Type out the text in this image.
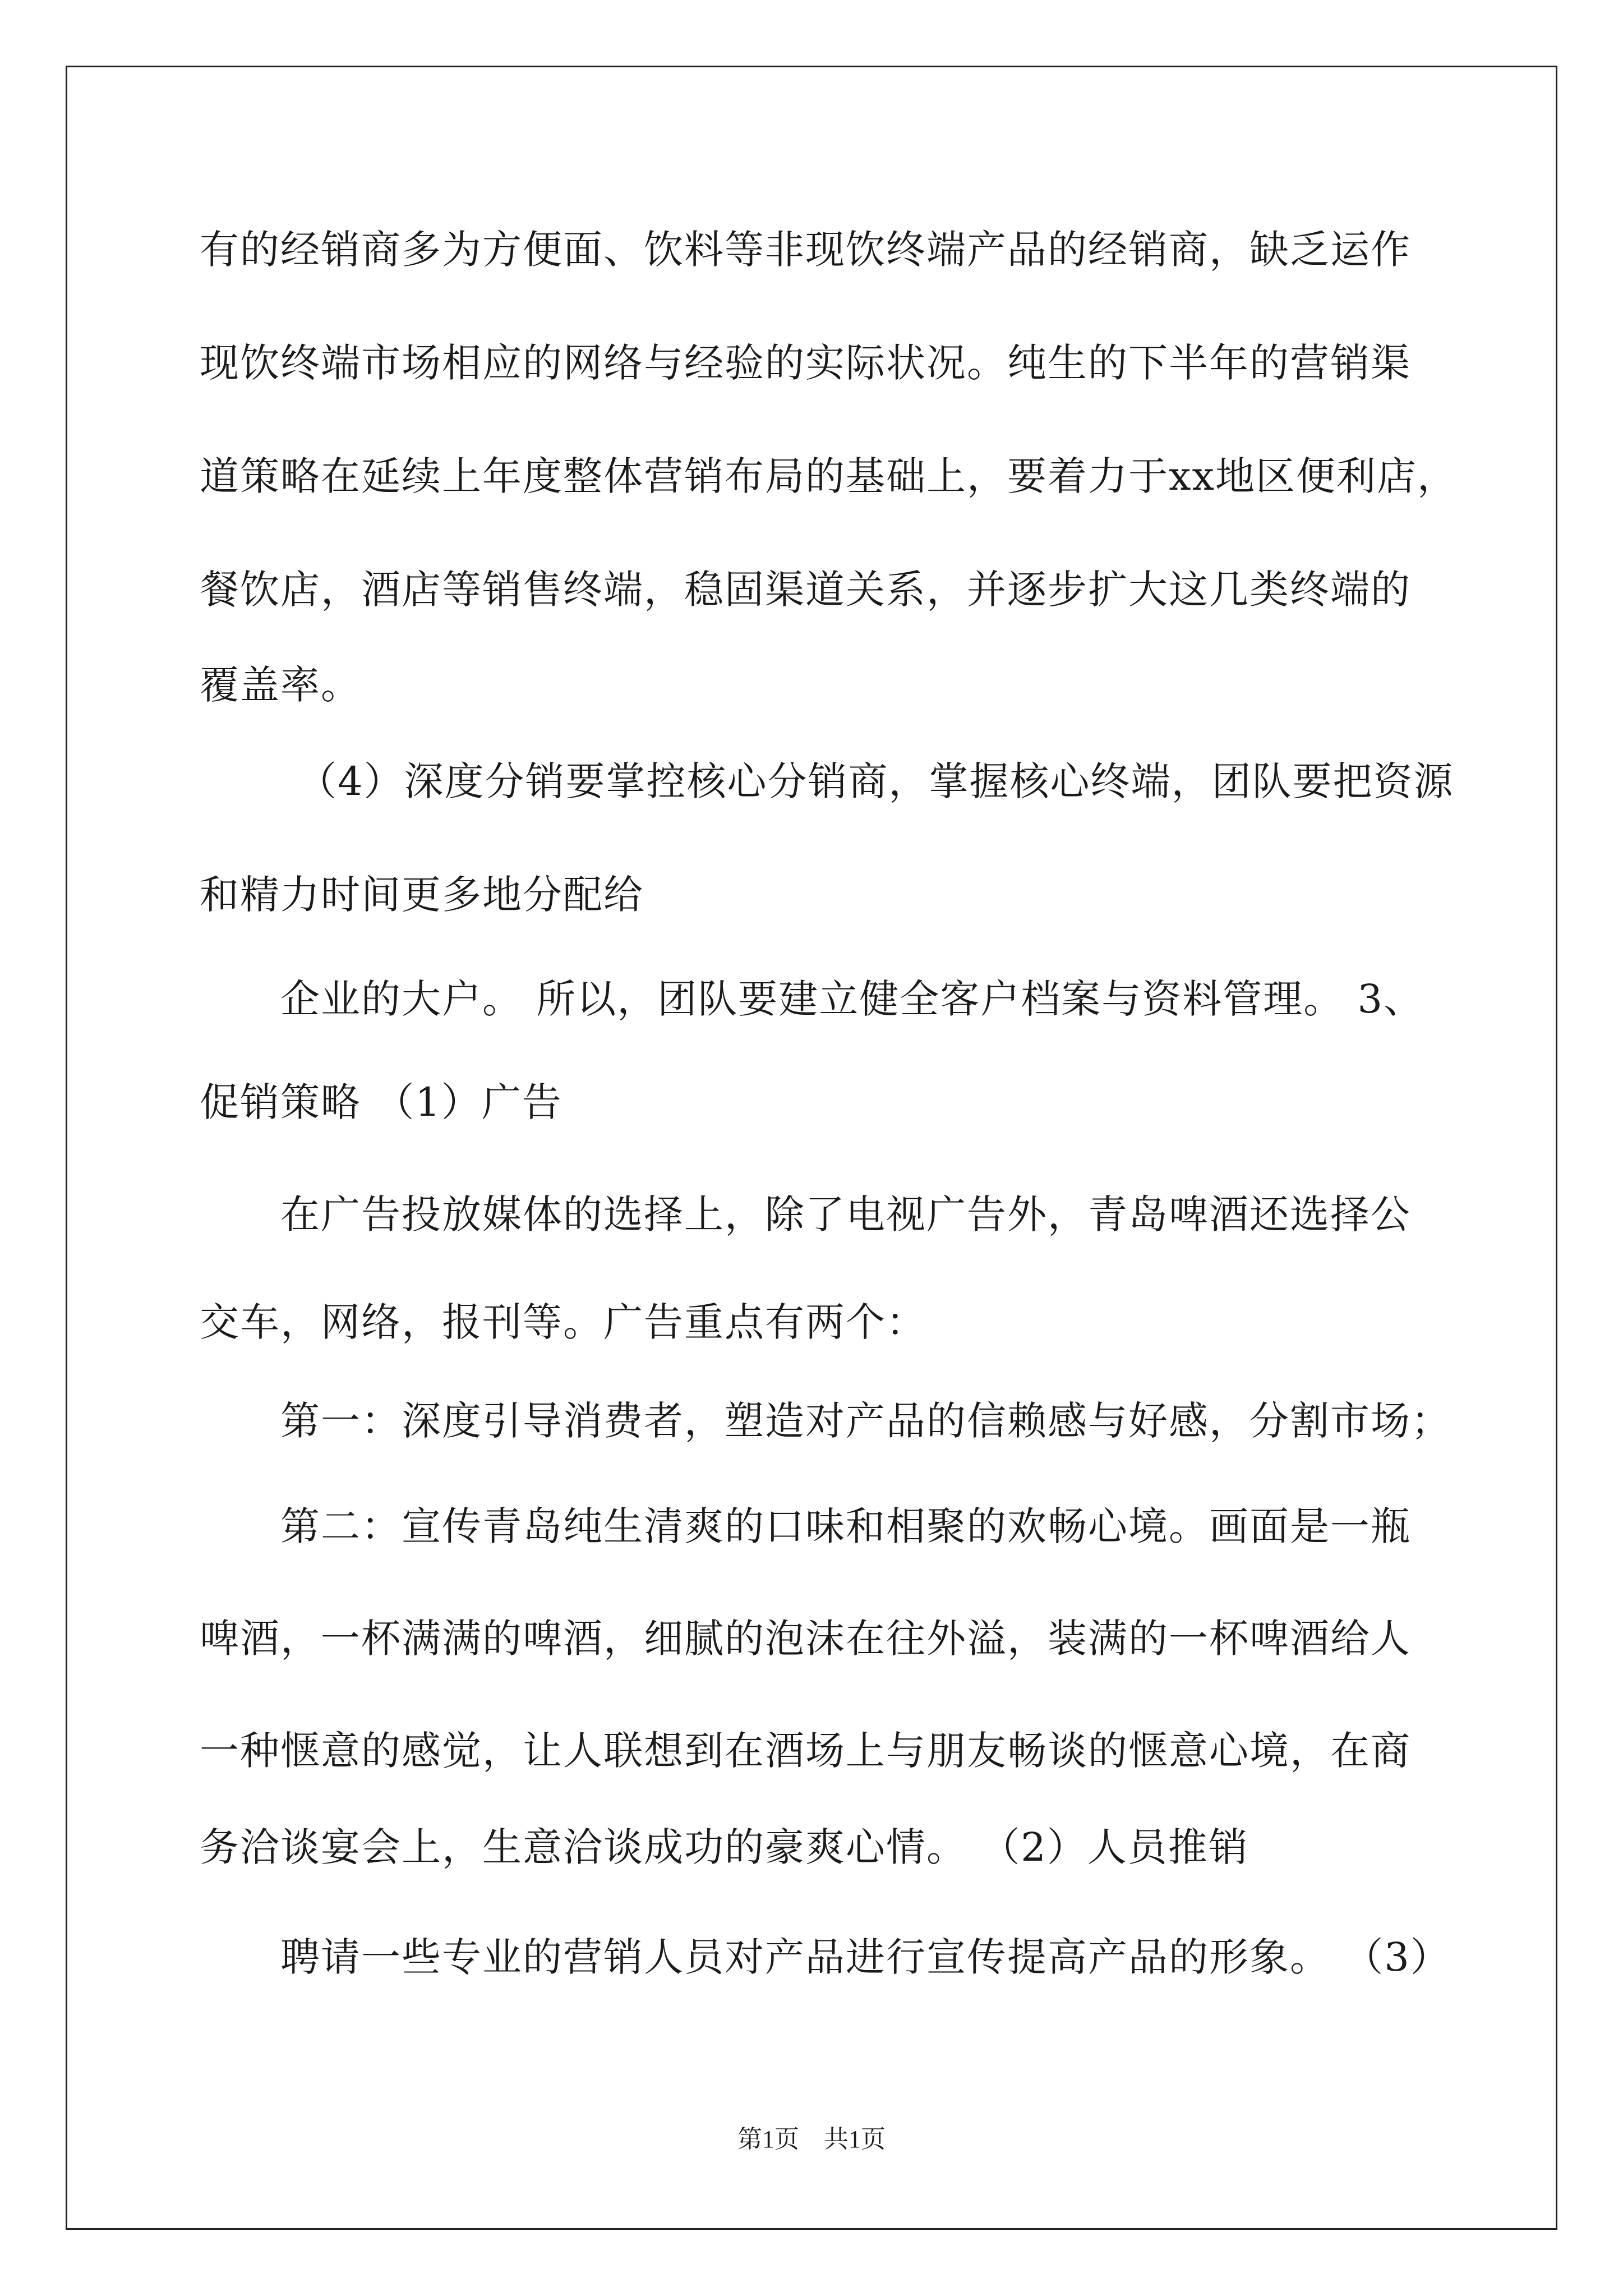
有的经销商多为方便面、饮料等非现饮终端产品的经销商，缺乏运作
现饮终端市场相应的网络与经验的实际状况。纯生的下半年的营销渠
道策略在延续上年度整体营销布局的基础上，要着力于xx地区便利店，
餐饮店，酒店等销售终端，稳固渠道关系，并逐步扩大这几类终端的
覆盖率。
（4）深度分销要掌控核心分销商，掌握核心终端，团队要把资源
和精力时间更多地分配给
企业的大户。 所以，团队要建立健全客户档案与资料管理。 3、
促销策略 （1）广告
在广告投放媒体的选择上，除了电视广告外，青岛啤酒还选择公
交车，网络，报刊等。广告重点有两个：
第一：深度引导消费者，塑造对产品的信赖感与好感，分割市场；
第二：宣传青岛纯生清爽的口味和相聚的欢畅心境。画面是一瓶
啤酒，一杯满满的啤酒，细腻的泡沫在往外溢，装满的一杯啤酒给人
一种惬意的感觉，让人联想到在酒场上与朋友畅谈的惬意心境，在商
务洽谈宴会上，生意洽谈成功的豪爽心情。 （2）人员推销
聘请一些专业的营销人员对产品进行宣传提高产品的形象。 （3）
第1页　共1页
